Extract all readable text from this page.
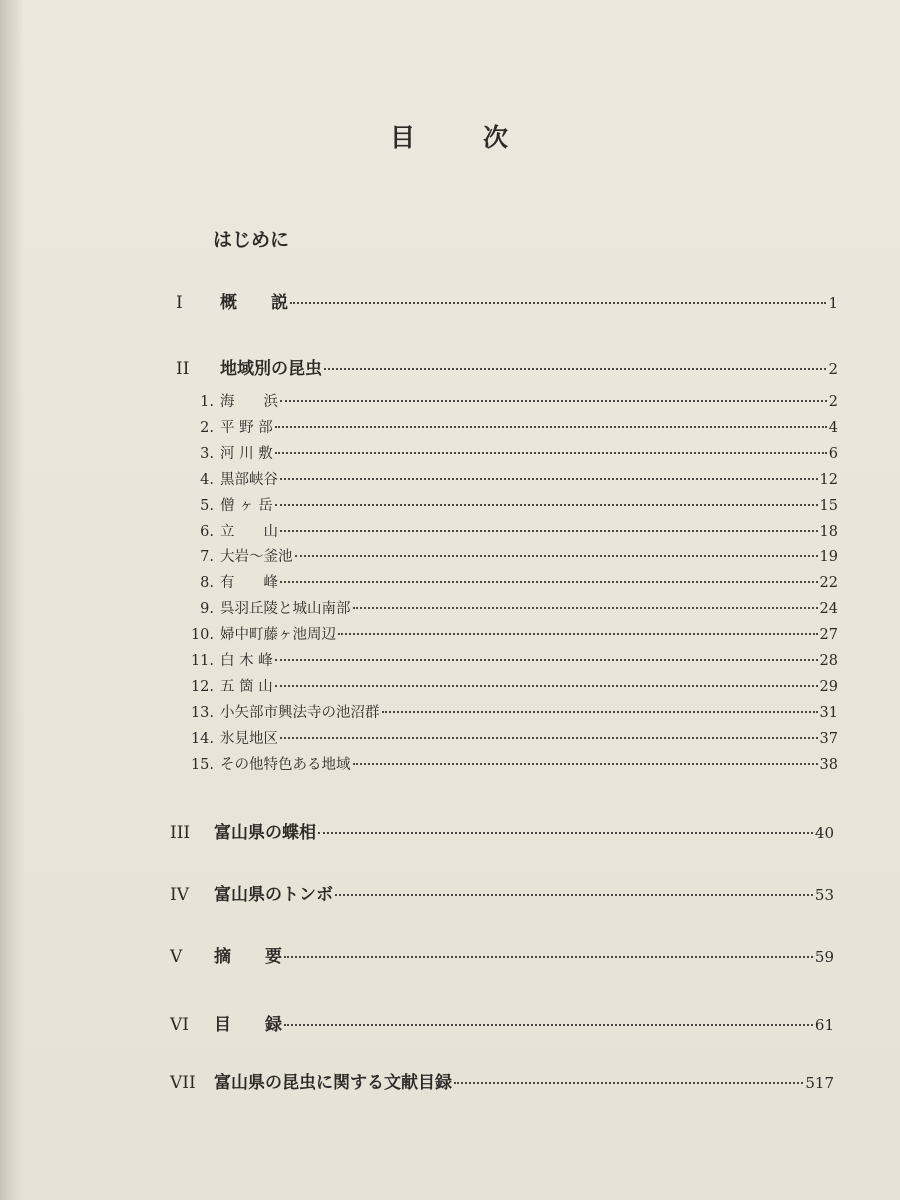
目	次
はじめに
I	概　　説	1
II	地域別の昆虫	2
1. 海　　浜	2
2. 平 野 部	4
3. 河 川 敷	6
4. 黒部峡谷	12
5. 僧 ヶ 岳	15
6. 立　　山	18
7. 大岩～釜池	19
8. 有　　峰	22
9. 呉羽丘陵と城山南部	24
10. 婦中町藤ヶ池周辺	27
11. 白 木 峰	28
12. 五 箇 山	29
13. 小矢部市興法寺の池沼群	31
14. 氷見地区	37
15. その他特色ある地域	38
III	富山県の蝶相	40
IV	富山県のトンボ	53
V	摘　　要	59
VI	目　　録	61
VII	富山県の昆虫に関する文献目録	517
